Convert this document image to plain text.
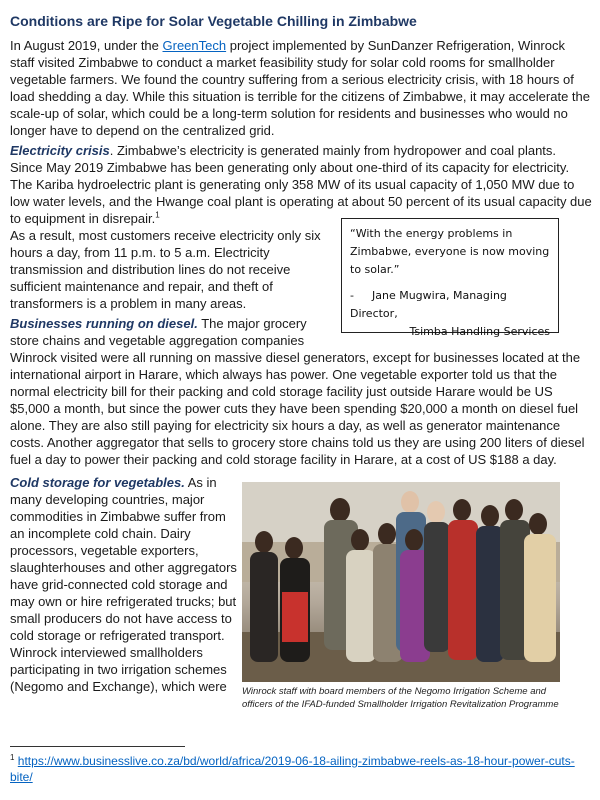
Conditions are Ripe for Solar Vegetable Chilling in Zimbabwe

In August 2019, under the GreenTech project implemented by SunDanzer Refrigeration, Winrock staff visited Zimbabwe to conduct a market feasibility study for solar cold rooms for smallholder vegetable farmers. We found the country suffering from a serious electricity crisis, with 18 hours of load shedding a day. While this situation is terrible for the citizens of Zimbabwe, it may accelerate the scale-up of solar, which could be a long-term solution for residents and businesses who would no longer have to depend on the centralized grid.

Electricity crisis. Zimbabwe’s electricity is generated mainly from hydropower and coal plants. Since May 2019 Zimbabwe has been generating only about one-third of its capacity for electricity. The Kariba hydroelectric plant is generating only 358 MW of its usual capacity of 1,050 MW due to low water levels, and the Hwange coal plant is operating at about 50 percent of its usual capacity due to equipment in disrepair.$^1$

As a result, most customers receive electricity only six hours a day, from 11 p.m. to 5 a.m. Electricity transmission and distribution lines do not receive sufficient maintenance and repair, and theft of transformers is a problem in many areas.

Businesses running on diesel. The major grocery store chains and vegetable aggregation companies

Winrock visited were all running on massive diesel generators, except for businesses located at the international airport in Harare, which always has power. One vegetable exporter told us that the normal electricity bill for their packing and cold storage facility just outside Harare would be US $5,000 a month, but since the power cuts they have been spending $20,000 a month on diesel fuel alone. They are also still paying for electricity six hours a day, as well as generator maintenance costs. Another aggregator that sells to grocery store chains told us they are using 200 liters of diesel fuel a day to power their packing and cold storage facility in Harare, at a cost of US $188 a day.

Cold storage for vegetables. As in many developing countries, major commodities in Zimbabwe suffer from an incomplete cold chain. Dairy processors, vegetable exporters, slaughterhouses and other aggregators have grid-connected cold storage and may own or hire refrigerated trucks; but small producers do not have access to cold storage or refrigerated transport. Winrock interviewed smallholders participating in two irrigation schemes (Negomo and Exchange), which were

“With the energy problems in Zimbabwe, everyone is now moving to solar.”
- Jane Mugwira, Managing Director,
Tsimba Handling Services
Winrock staff with board members of the Negomo Irrigation Scheme and officers of the IFAD-funded Smallholder Irrigation Revitalization Programme
$^1$ https://www.businesslive.co.za/bd/world/africa/2019-06-18-ailing-zimbabwe-reels-as-18-hour-power-cuts-bite/
